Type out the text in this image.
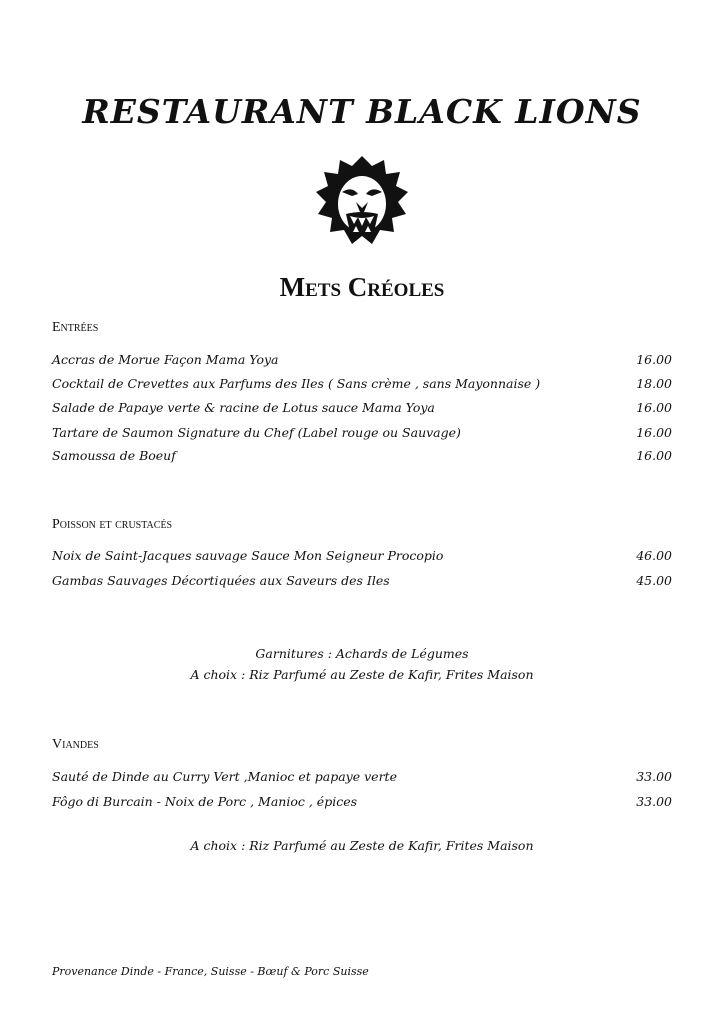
RESTAURANT BLACK LIONS
Mets Créoles
Entrées
Accras de Morue Façon Mama Yoya	16.00
Cocktail de Crevettes aux Parfums des Iles ( Sans crème , sans Mayonnaise )	18.00
Salade de Papaye verte & racine de Lotus sauce Mama Yoya	16.00
Tartare de Saumon Signature du Chef (Label rouge ou Sauvage)	16.00
Samoussa de Boeuf	16.00
Poisson et crustacés
Noix de Saint-Jacques sauvage Sauce Mon Seigneur Procopio	46.00
Gambas Sauvages Décortiquées aux Saveurs des Iles	45.00
Garnitures : Achards de Légumes
A choix : Riz Parfumé au Zeste de Kafir, Frites Maison
Viandes
Sauté de Dinde au Curry Vert ,Manioc et papaye verte	33.00
Fôgo di Burcain - Noix de Porc , Manioc , épices	33.00
A choix : Riz Parfumé au Zeste de Kafir, Frites Maison
Provenance Dinde - France, Suisse - Bœuf & Porc Suisse
